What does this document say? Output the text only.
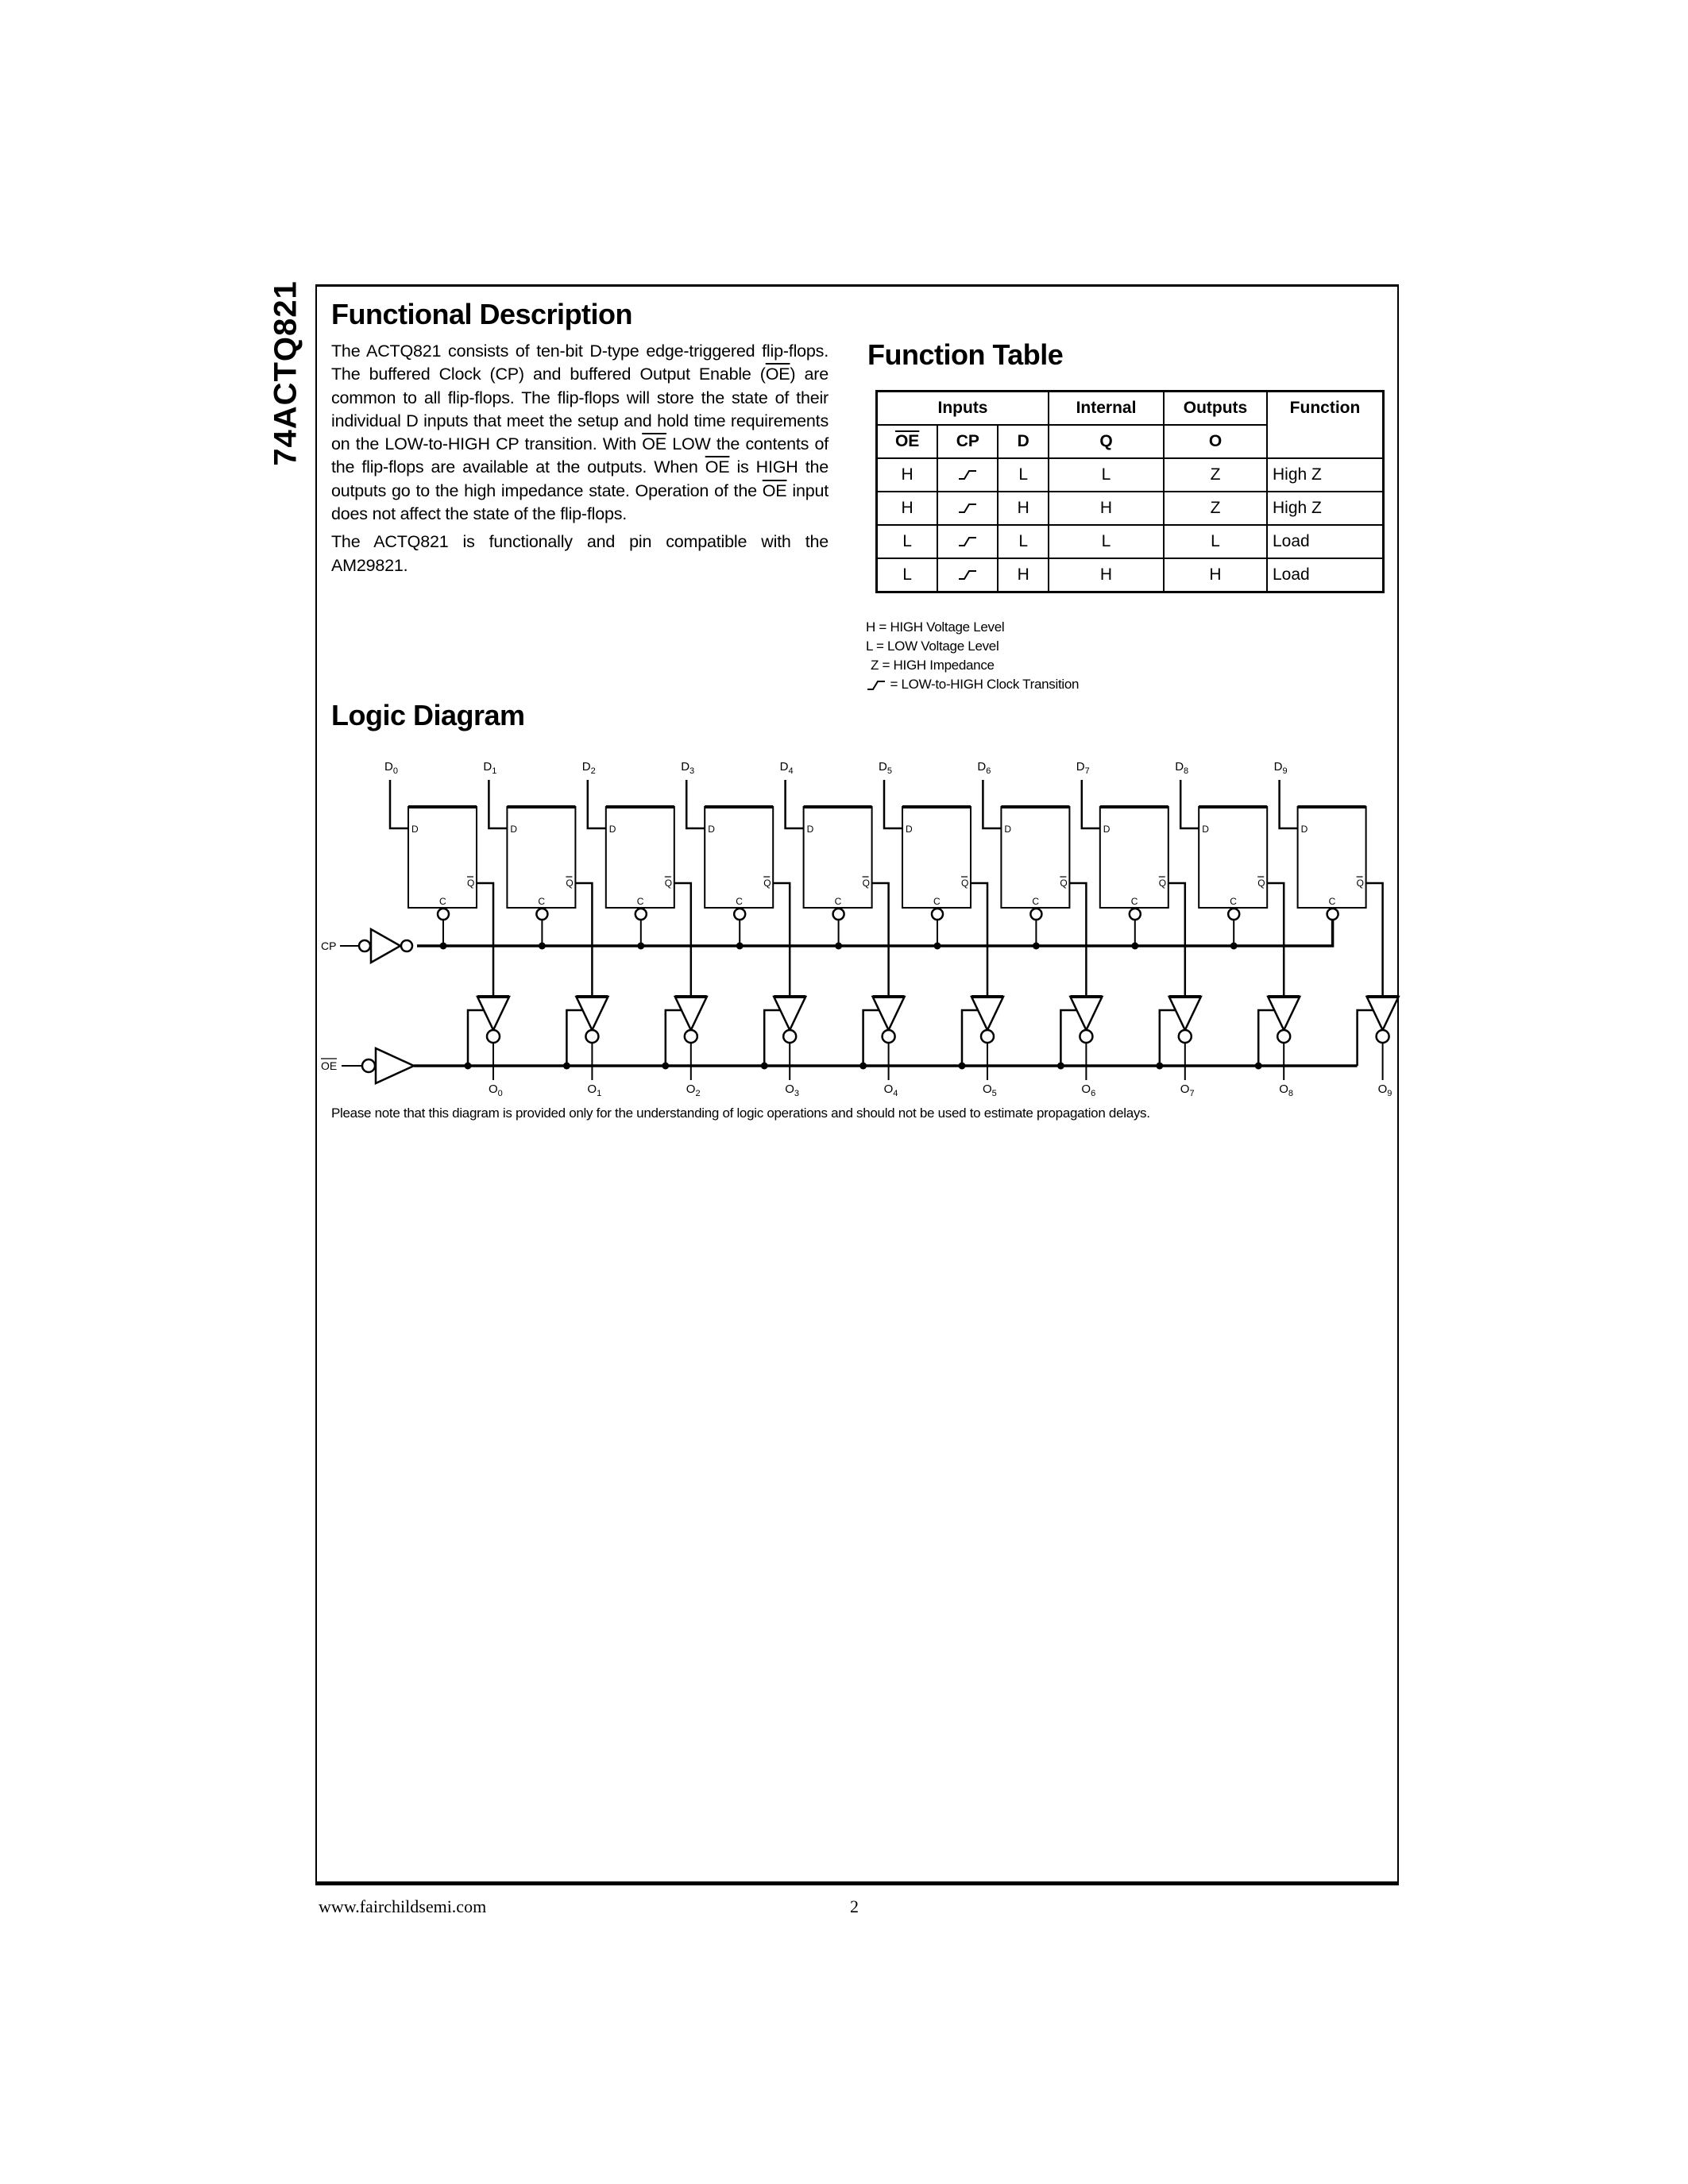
74ACTQ821 Functional Description

The ACTQ821 consists of ten-bit D-type edge-triggered flip-flops. The buffered Clock (CP) and buffered Output Enable $(\overline{OE})$ are common to all flip-flops. The flip-flops will store the state of their individual D inputs that meet the setup and hold time requirements on the LOW-to-HIGH CP transition. With $\overline{OE}$ LOW the contents of the flip-flops are available at the outputs. When $\overline{OE}$ is HIGH the outputs go to the high impedance state. Operation of the $\overline{OE}$ input does not affect the state of the flip-flops.

The ACTQ821 is functionally and pin compatible with the AM29821.

Function Table
Inputs			Internal	Outputs	Function
$\overline{OE}$	CP	D	Q	O	
H		L	L	Z	High Z
H		H	H	Z	High Z
L		L	L	L	Load
L		H	H	H	Load
H = HIGH Voltage Level
L = LOW Voltage Level
Z = HIGH Impedance
= LOW-to-HIGH Clock Transition
Logic Diagram
$D_0$
D
Q
C
$O_0$
$D_1$
D
Q
C
$O_1$
$D_2$
D
Q
C
$O_2$
$D_3$
D
Q
C
$O_3$
$D_4$
D
Q
C
$O_4$
$D_5$
D
Q
C
$O_5$
$D_6$
D
Q
C
$O_6$
$D_7$
D
Q
C
$O_7$
$D_8$
D
Q
C
$O_8$
$D_9$
D
Q
C
$O_9$
CP
OE
Please note that this diagram is provided only for the understanding of logic operations and should not be used to estimate propagation delays.
www.fairchildsemi.com	2
